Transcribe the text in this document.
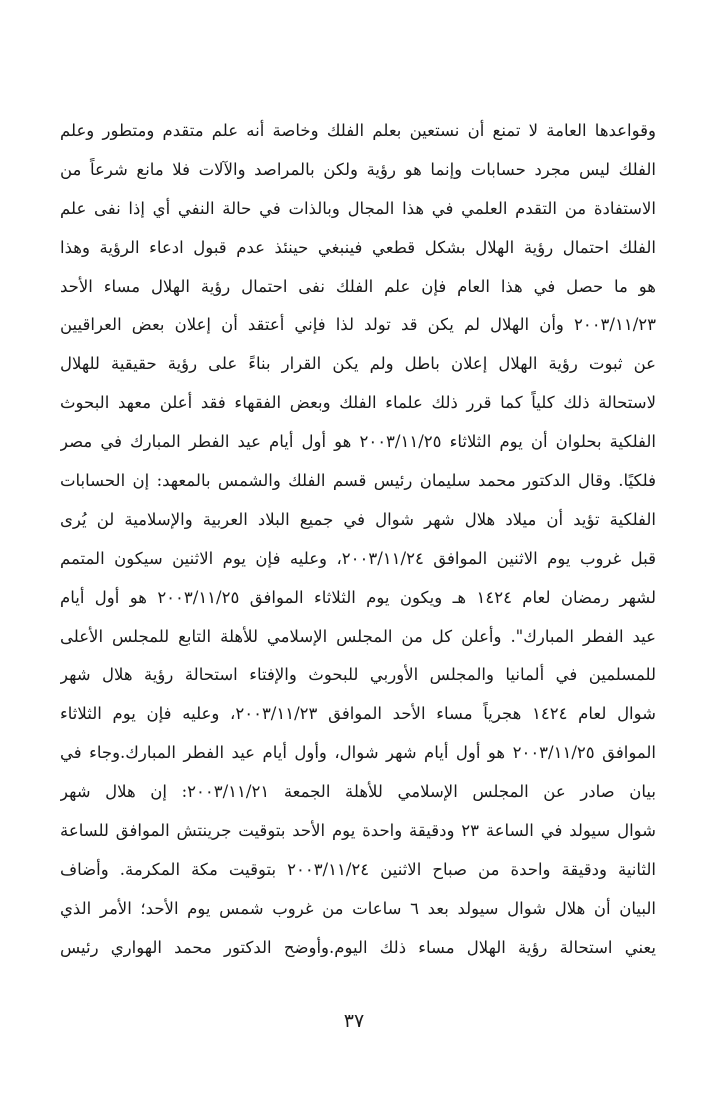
وقواعدها العامة لا تمنع أن نستعين بعلم الفلك وخاصة أنه علم متقدم ومتطور وعلم
الفلك ليس مجرد حسابات وإنما هو رؤية ولكن بالمراصد والآلات فلا مانع شرعاً من
الاستفادة من التقدم العلمي في هذا المجال وبالذات في حالة النفي أي إذا نفى علم
الفلك احتمال رؤية الهلال بشكل قطعي فينبغي حينئذ عدم قبول ادعاء الرؤية وهذا
هو ما حصل في هذا العام فإن علم الفلك نفى احتمال رؤية الهلال مساء الأحد
٢٠٠٣/١١/٢٣ وأن الهلال لم يكن قد تولد لذا فإني أعتقد أن إعلان بعض العراقيين
عن ثبوت رؤية الهلال إعلان باطل ولم يكن القرار بناءً على رؤية حقيقية للهلال
لاستحالة ذلك كلياً كما قرر ذلك علماء الفلك وبعض الفقهاء فقد أعلن معهد البحوث
الفلكية بحلوان أن يوم الثلاثاء ٢٠٠٣/١١/٢٥ هو أول أيام عيد الفطر المبارك في مصر
فلكيًا. وقال الدكتور محمد سليمان رئيس قسم الفلك والشمس بالمعهد: إن الحسابات
الفلكية تؤيد أن ميلاد هلال شهر شوال في جميع البلاد العربية والإسلامية لن يُرى
قبل غروب يوم الاثنين الموافق ٢٠٠٣/١١/٢٤، وعليه فإن يوم الاثنين سيكون المتمم
لشهر رمضان لعام ١٤٢٤ هـ ويكون يوم الثلاثاء الموافق ٢٠٠٣/١١/٢٥ هو أول أيام
عيد الفطر المبارك". وأعلن كل من المجلس الإسلامي للأهلة التابع للمجلس الأعلى
للمسلمين في ألمانيا والمجلس الأوربي للبحوث والإفتاء استحالة رؤية هلال شهر
شوال لعام ١٤٢٤ هجرياً مساء الأحد الموافق ٢٠٠٣/١١/٢٣، وعليه فإن يوم الثلاثاء
الموافق ٢٠٠٣/١١/٢٥ هو أول أيام شهر شوال، وأول أيام عيد الفطر المبارك.وجاء في
بيان صادر عن المجلس الإسلامي للأهلة الجمعة ٢٠٠٣/١١/٢١: إن هلال شهر
شوال سيولد في الساعة ٢٣ ودقيقة واحدة يوم الأحد بتوقيت جرينتش الموافق للساعة
الثانية ودقيقة واحدة من صباح الاثنين ٢٠٠٣/١١/٢٤ بتوقيت مكة المكرمة. وأضاف
البيان أن هلال شوال سيولد بعد ٦ ساعات من غروب شمس يوم الأحد؛ الأمر الذي
يعني استحالة رؤية الهلال مساء ذلك اليوم.وأوضح الدكتور محمد الهواري رئيس
٣٧
